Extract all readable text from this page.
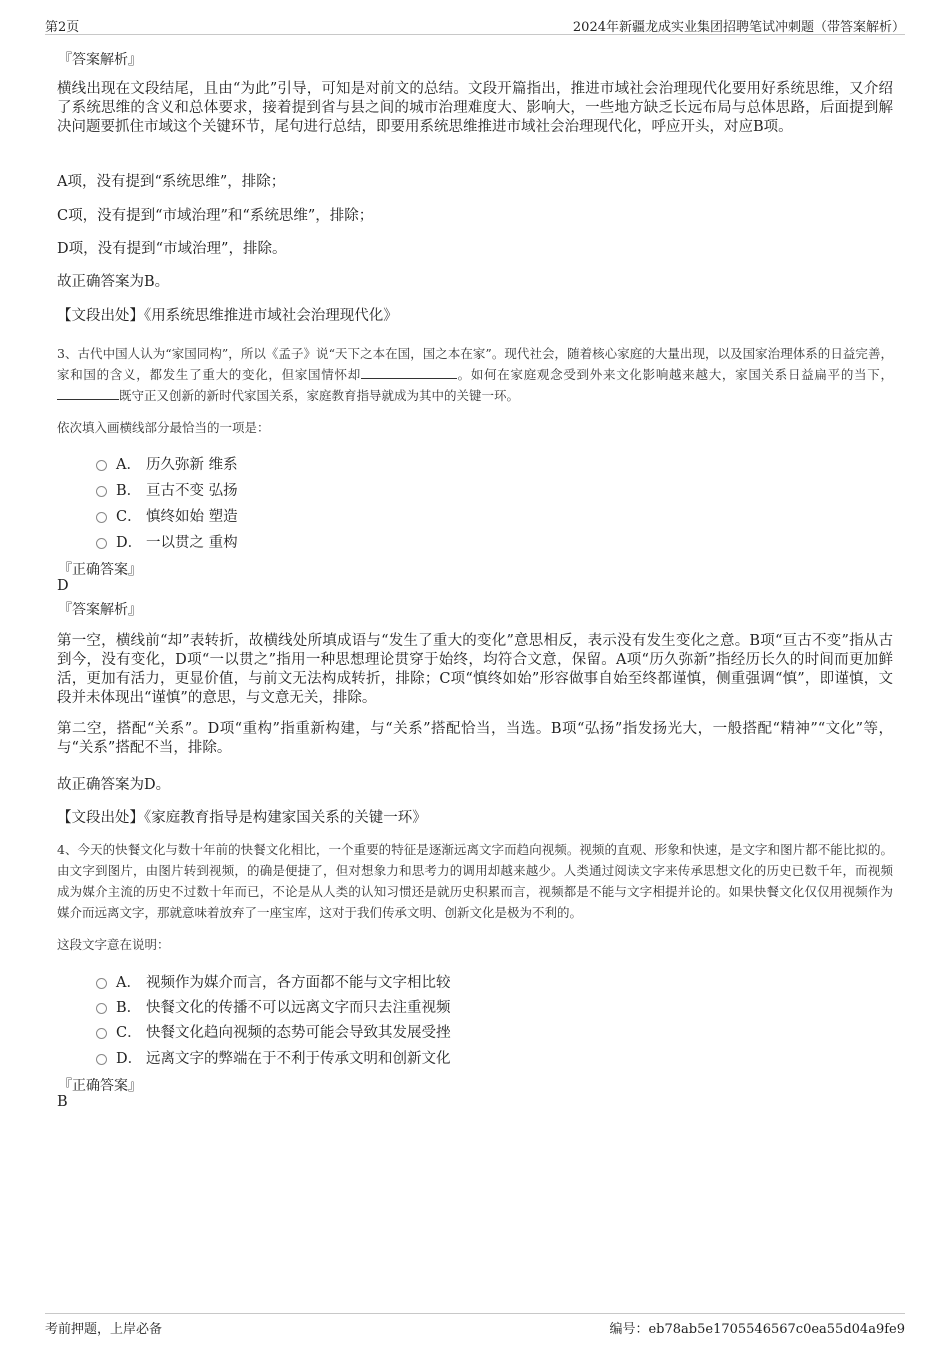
第2页	2024年新疆龙成实业集团招聘笔试冲刺题（带答案解析）
『答案解析』

横线出现在文段结尾，且由“为此”引导，可知是对前文的总结。文段开篇指出，推进市域社会治理现代化要用好系统思维，又介绍了系统思维的含义和总体要求，接着提到省与县之间的城市治理难度大、影响大，一些地方缺乏长远布局与总体思路，后面提到解决问题要抓住市域这个关键环节，尾句进行总结，即要用系统思维推进市域社会治理现代化，呼应开头，对应B项。

A项，没有提到“系统思维”，排除；
C项，没有提到“市域治理”和“系统思维”，排除；
D项，没有提到“市域治理”，排除。
故正确答案为B。
【文段出处】《用系统思维推进市域社会治理现代化》

3、古代中国人认为“家国同构”，所以《孟子》说“天下之本在国，国之本在家”。现代社会，随着核心家庭的大量出现，以及国家治理体系的日益完善，家和国的含义，都发生了重大的变化，但家国情怀却	。如何在家庭观念受到外来文化影响越来越大，家国关系日益扁平的当下，既守正又创新的新时代家国关系，家庭教育指导就成为其中的关键一环。

依次填入画横线部分最恰当的一项是：
A． 历久弥新 维系
B． 亘古不变 弘扬
C． 慎终如始 塑造
D． 一以贯之 重构
『正确答案』
D
『答案解析』

第一空，横线前“却”表转折，故横线处所填成语与“发生了重大的变化”意思相反，表示没有发生变化之意。B项“亘古不变”指从古到今，没有变化，D项“一以贯之”指用一种思想理论贯穿于始终，均符合文意，保留。A项“历久弥新”指经历长久的时间而更加鲜活，更加有活力，更显价值，与前文无法构成转折，排除；C项“慎终如始”形容做事自始至终都谨慎，侧重强调“慎”，即谨慎，文段并未体现出“谨慎”的意思，与文意无关，排除。

第二空，搭配“关系”。D项“重构”指重新构建，与“关系”搭配恰当，当选。B项“弘扬”指发扬光大，一般搭配“精神”“文化”等，与“关系”搭配不当，排除。

故正确答案为D。
【文段出处】《家庭教育指导是构建家国关系的关键一环》

4、今天的快餐文化与数十年前的快餐文化相比，一个重要的特征是逐渐远离文字而趋向视频。视频的直观、形象和快速，是文字和图片都不能比拟的。由文字到图片，由图片转到视频，的确是便捷了，但对想象力和思考力的调用却越来越少。人类通过阅读文字来传承思想文化的历史已数千年，而视频成为媒介主流的历史不过数十年而已，不论是从人类的认知习惯还是就历史积累而言，视频都是不能与文字相提并论的。如果快餐文化仅仅用视频作为媒介而远离文字，那就意味着放弃了一座宝库，这对于我们传承文明、创新文化是极为不利的。

这段文字意在说明：
A． 视频作为媒介而言，各方面都不能与文字相比较
B． 快餐文化的传播不可以远离文字而只去注重视频
C． 快餐文化趋向视频的态势可能会导致其发展受挫
D． 远离文字的弊端在于不利于传承文明和创新文化
『正确答案』
B
考前押题，上岸必备	编号：eb78ab5e1705546567c0ea55d04a9fe9
